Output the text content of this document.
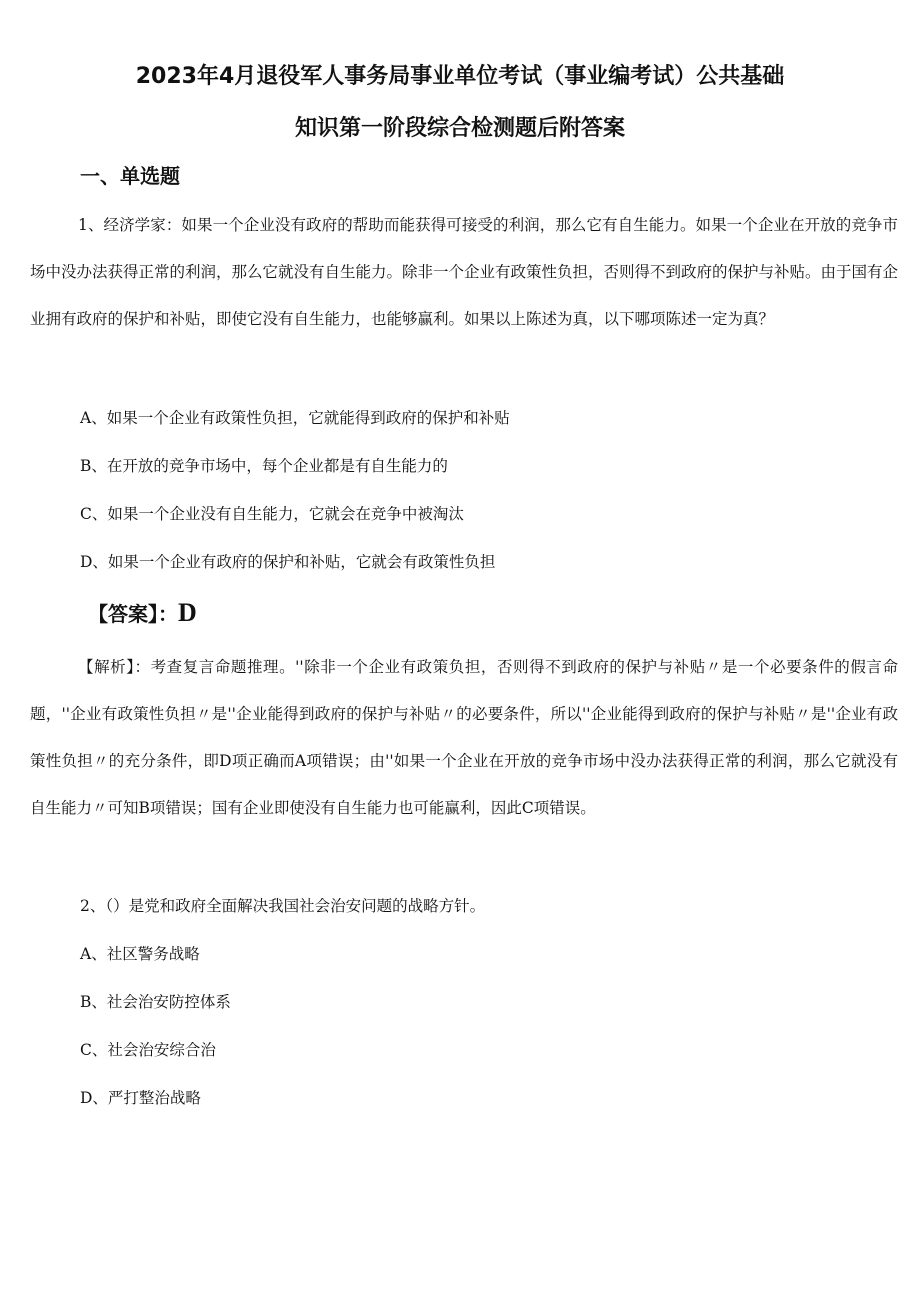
2023年4月退役军人事务局事业单位考试（事业编考试）公共基础
知识第一阶段综合检测题后附答案
一、单选题
1、经济学家：如果一个企业没有政府的帮助而能获得可接受的利润，那么它有自生能力。如果一个企业在开放的竞争市场中没办法获得正常的利润，那么它就没有自生能力。除非一个企业有政策性负担，否则得不到政府的保护与补贴。由于国有企业拥有政府的保护和补贴，即使它没有自生能力，也能够赢利。如果以上陈述为真，以下哪项陈述一定为真？
A、如果一个企业有政策性负担，它就能得到政府的保护和补贴
B、在开放的竞争市场中，每个企业都是有自生能力的
C、如果一个企业没有自生能力，它就会在竞争中被淘汰
D、如果一个企业有政府的保护和补贴，它就会有政策性负担
【答案】：D
【解析】：考查复言命题推理。''除非一个企业有政策负担，否则得不到政府的保护与补贴〃是一个必要条件的假言命题，''企业有政策性负担〃是''企业能得到政府的保护与补贴〃的必要条件，所以''企业能得到政府的保护与补贴〃是''企业有政策性负担〃的充分条件，即D项正确而A项错误；由''如果一个企业在开放的竞争市场中没办法获得正常的利润，那么它就没有自生能力〃可知B项错误；国有企业即使没有自生能力也可能赢利，因此C项错误。
2、（）是党和政府全面解决我国社会治安问题的战略方针。
A、社区警务战略
B、社会治安防控体系
C、社会治安综合治
D、严打整治战略
